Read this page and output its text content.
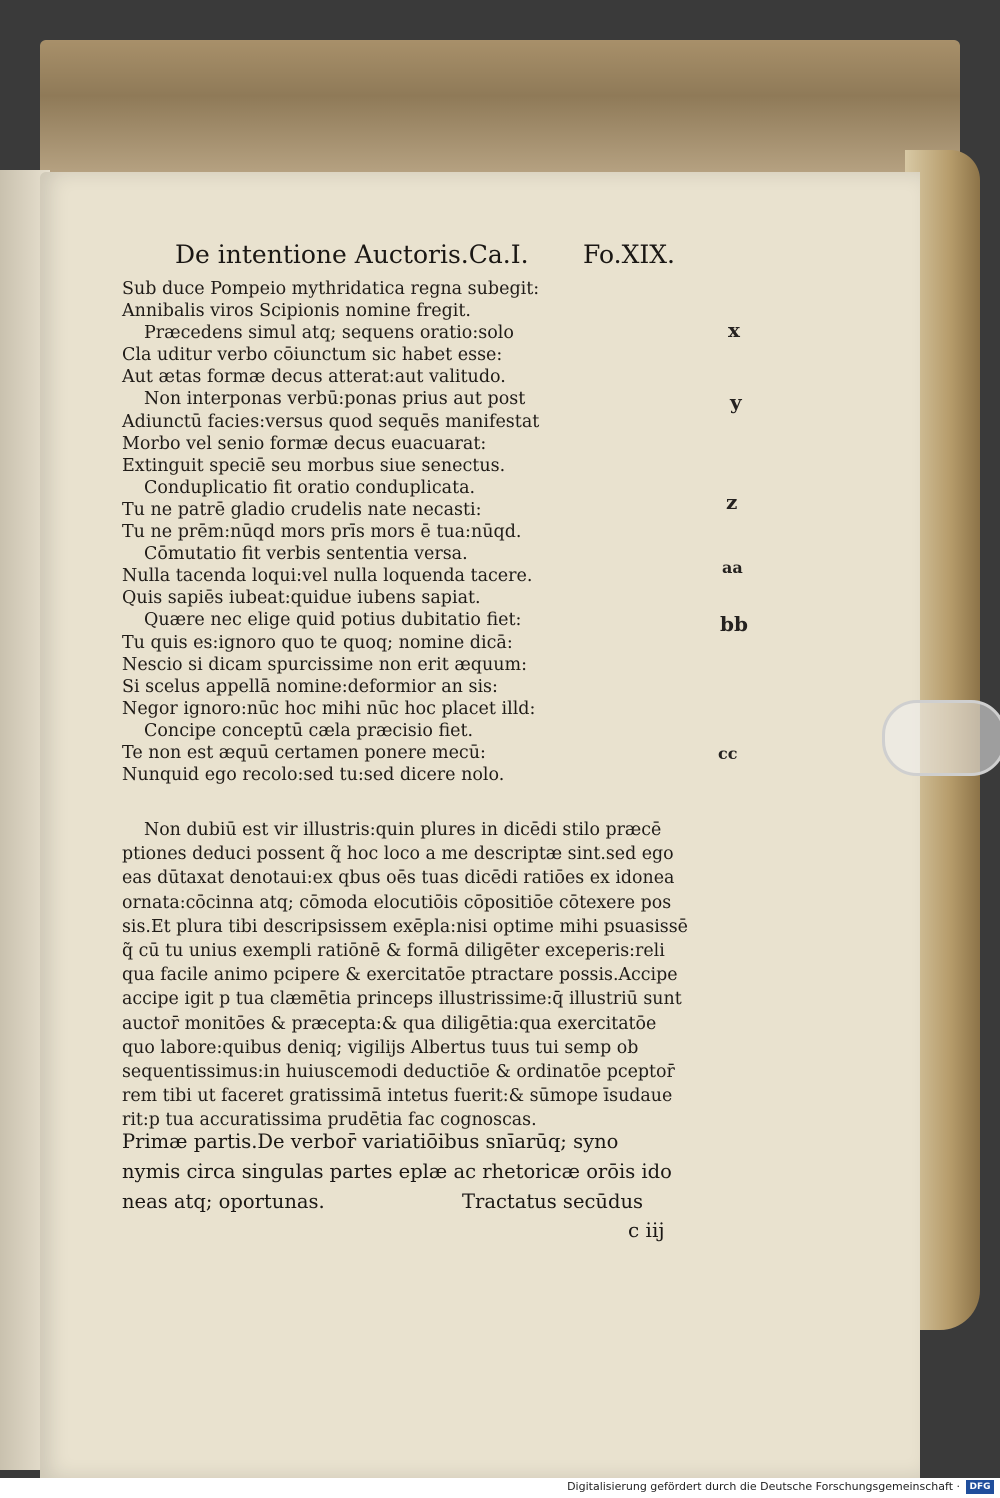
De intentione Auctoris.Ca.I. Fo.XIX.
Sub duce Pompeio mythridatica regna subegit:
Annibalis viros Scipionis nomine fregit.
Præcedens simul atq; sequens oratio:solo
Cla uditur verbo cōiunctum sic habet esse:
Aut ætas formæ decus atterat:aut valitudo.
Non interponas verbū:ponas prius aut post
Adiunctū facies:versus quod sequēs manifestat
Morbo vel senio formæ decus euacuarat:
Extinguit speciē seu morbus siue senectus.
Conduplicatio fit oratio conduplicata.
Tu ne patrē gladio crudelis nate necasti:
Tu ne prēm:nūqd mors prīs mors ē tua:nūqd.
Cōmutatio fit verbis sententia versa.
Nulla tacenda loqui:vel nulla loquenda tacere.
Quis sapiēs iubeat:quidue iubens sapiat.
Quære nec elige quid potius dubitatio fiet:
Tu quis es:ignoro quo te quoq; nomine dicā:
Nescio si dicam spurcissime non erit æquum:
Si scelus appellā nomine:deformior an sis:
Negor ignoro:nūc hoc mihi nūc hoc placet illd:
Concipe conceptū cæla præcisio fiet.
Te non est æquū certamen ponere mecū:
Nunquid ego recolo:sed tu:sed dicere nolo.
Non dubiū est vir illustris:quin plures in dicēdi stilo præcē
ptiones deduci possent q̃ hoc loco a me descriptæ sint.sed ego
eas dūtaxat denotaui:ex qbus oēs tuas dicēdi ratiōes ex idonea
ornata:cōcinna atq; cōmoda elocutiōis cōpositiōe cōtexere pos
sis.Et plura tibi descripsissem exēpla:nisi optime mihi psuasissē
q̃ cū tu unius exempli ratiōnē & formā diligēter exceperis:reli
qua facile animo pcipere & exercitatōe ptractare possis.Accipe
accipe igit p tua clæmētia princeps illustrissime:q̄ illustriū sunt
auctor̄ monitōes & præcepta:& qua diligētia:qua exercitatōe
quo labore:quibus deniq; vigilijs Albertus tuus tui semp ob
sequentissimus:in huiuscemodi deductiōe & ordinatōe pceptor̄
rem tibi ut faceret gratissimā intetus fuerit:& sūmope īsudaue
rit:p tua accuratissima prudētia fac cognoscas.
Primæ partis.De verbor̄ variatiōibus snīarūq; syno
nymis circa singulas partes eplæ ac rhetoricæ orōis ido
neas atq; oportunas.	Tractatus secūdus
c iij
x
y
z
aa
bb
cc
Digitalisierung gefördert durch die Deutsche Forschungsgemeinschaft ·	DFG
